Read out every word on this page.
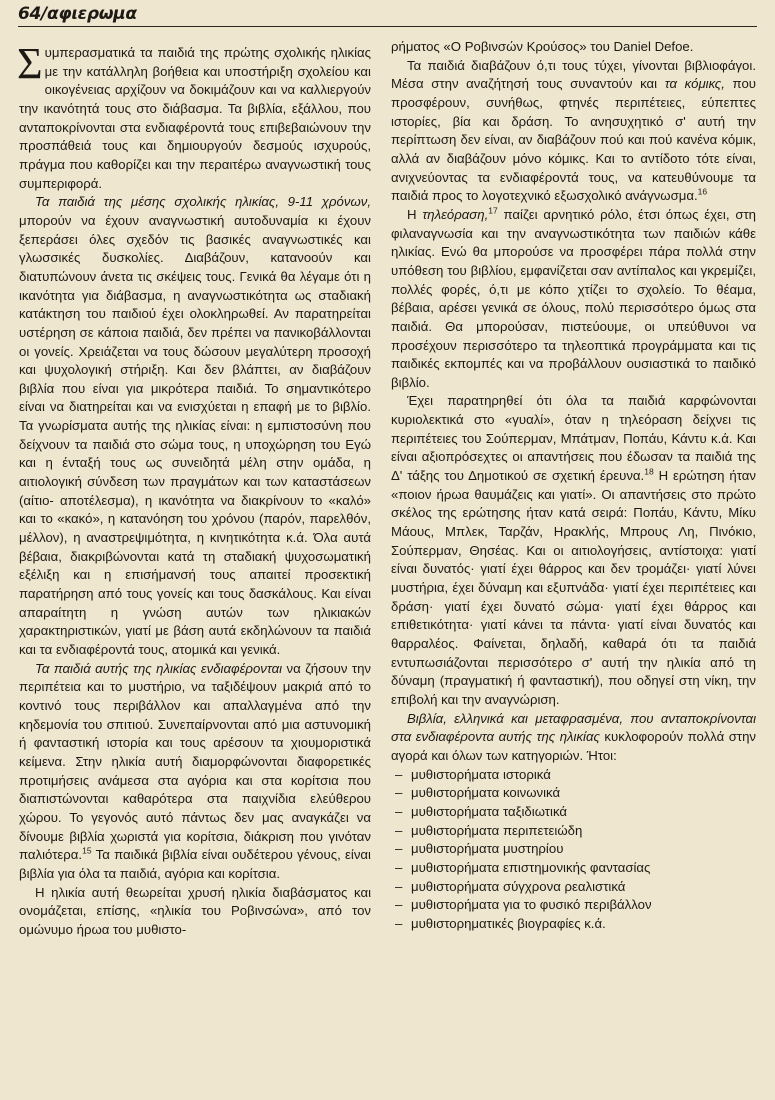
64/αφιερωμα

Συμπερασματικά τα παιδιά της πρώτης σχολικής ηλικίας με την κατάλληλη βοήθεια και υποστήριξη σχολείου και οικογένειας αρχίζουν να δοκιμάζουν και να καλλιεργούν την ικανότητά τους στο διάβασμα. Τα βιβλία, εξάλλου, που ανταποκρίνονται στα ενδιαφέροντά τους επιβεβαιώνουν την προσπάθειά τους και δημιουργούν δεσμούς ισχυρούς, πράγμα που καθορίζει και την περαιτέρω αναγνωστική τους συμπεριφορά.

Τα παιδιά της μέσης σχολικής ηλικίας, 9-11 χρόνων, μπορούν να έχουν αναγνωστική αυτοδυναμία κι έχουν ξεπεράσει όλες σχεδόν τις βασικές αναγνωστικές και γλωσσικές δυσκολίες. Διαβάζουν, κατανοούν και διατυπώνουν άνετα τις σκέψεις τους. Γενικά θα λέγαμε ότι η ικανότητα για διάβασμα, η αναγνωστικότητα ως σταδιακή κατάκτηση του παιδιού έχει ολοκληρωθεί. Αν παρατηρείται υστέρηση σε κάποια παιδιά, δεν πρέπει να πανικοβάλλονται οι γονείς. Χρειάζεται να τους δώσουν μεγαλύτερη προσοχή και ψυχολογική στήριξη. Και δεν βλάπτει, αν διαβάζουν βιβλία που είναι για μικρότερα παιδιά. Το σημαντικότερο είναι να διατηρείται και να ενισχύεται η επαφή με το βιβλίο. Τα γνωρίσματα αυτής της ηλικίας είναι: η εμπιστοσύνη που δείχνουν τα παιδιά στο σώμα τους, η υποχώρηση του Εγώ και η ένταξή τους ως συνειδητά μέλη στην ομάδα, η αιτιολογική σύνδεση των πραγμάτων και των καταστάσεων (αίτιο- αποτέλεσμα), η ικανότητα να διακρίνουν το «καλό» και το «κακό», η κατανόηση του χρόνου (παρόν, παρελθόν, μέλλον), η αναστρεψιμότητα, η κινητικότητα κ.ά. Όλα αυτά βέβαια, διακριβώνονται κατά τη σταδιακή ψυχοσωματική εξέλιξη και η επισήμανσή τους απαιτεί προσεκτική παρατήρηση από τους γονείς και τους δασκάλους. Και είναι απαραίτητη η γνώση αυτών των ηλικιακών χαρακτηριστικών, γιατί με βάση αυτά εκδηλώνουν τα παιδιά και τα ενδιαφέροντά τους, ατομικά και γενικά.

Τα παιδιά αυτής της ηλικίας ενδιαφέρονται να ζήσουν την περιπέτεια και το μυστήριο, να ταξιδέψουν μακριά από το κοντινό τους περιβάλλον και απαλλαγμένα από την κηδεμονία του σπιτιού. Συνεπαίρνονται από μια αστυνομική ή φανταστική ιστορία και τους αρέσουν τα χιουμοριστικά κείμενα. Στην ηλικία αυτή διαμορφώνονται διαφορετικές προτιμήσεις ανάμεσα στα αγόρια και στα κορίτσια που διαπιστώνονται καθαρότερα στα παιχνίδια ελεύθερου χώρου. Το γεγονός αυτό πάντως δεν μας αναγκάζει να δίνουμε βιβλία χωριστά για κορίτσια, διάκριση που γινόταν παλιότερα.$^{15}$ Τα παιδικά βιβλία είναι ουδέτερου γένους, είναι βιβλία για όλα τα παιδιά, αγόρια και κορίτσια.

Η ηλικία αυτή θεωρείται χρυσή ηλικία διαβάσματος και ονομάζεται, επίσης, «ηλικία του Ροβινσώνα», από τον ομώνυμο ήρωα του μυθιστο-

ρήματος «Ο Ροβινσών Κρούσος» του Daniel Defoe.

Τα παιδιά διαβάζουν ό,τι τους τύχει, γίνονται βιβλιοφάγοι. Μέσα στην αναζήτησή τους συναντούν και τα κόμικς, που προσφέρουν, συνήθως, φτηνές περιπέτειες, εύπεπτες ιστορίες, βία και δράση. Το ανησυχητικό σ' αυτή την περίπτωση δεν είναι, αν διαβάζουν πού και πού κανένα κόμικ, αλλά αν διαβάζουν μόνο κόμικς. Και το αντίδοτο τότε είναι, ανιχνεύοντας τα ενδιαφέροντά τους, να κατευθύνουμε τα παιδιά προς το λογοτεχνικό εξωσχολικό ανάγνωσμα.$^{16}$

Η τηλεόραση,$^{17}$ παίζει αρνητικό ρόλο, έτσι όπως έχει, στη φιλαναγνωσία και την αναγνωστικότητα των παιδιών κάθε ηλικίας. Ενώ θα μπορούσε να προσφέρει πάρα πολλά στην υπόθεση του βιβλίου, εμφανίζεται σαν αντίπαλος και γκρεμίζει, πολλές φορές, ό,τι με κόπο χτίζει το σχολείο. Το θέαμα, βέβαια, αρέσει γενικά σε όλους, πολύ περισσότερο όμως στα παιδιά. Θα μπορούσαν, πιστεύουμε, οι υπεύθυνοι να προσέχουν περισσότερο τα τηλεοπτικά προγράμματα και τις παιδικές εκπομπές και να προβάλλουν ουσιαστικά το παιδικό βιβλίο.

Έχει παρατηρηθεί ότι όλα τα παιδιά καρφώνονται κυριολεκτικά στο «γυαλί», όταν η τηλεόραση δείχνει τις περιπέτειες του Σούπερμαν, Μπάτμαν, Ποπάυ, Κάντυ κ.ά. Και είναι αξιοπρόσεχτες οι απαντήσεις που έδωσαν τα παιδιά της Δ' τάξης του Δημοτικού σε σχετική έρευνα.$^{18}$ Η ερώτηση ήταν «ποιον ήρωα θαυμάζεις και γιατί». Οι απαντήσεις στο πρώτο σκέλος της ερώτησης ήταν κατά σειρά: Ποπάυ, Κάντυ, Μίκυ Μάους, Μπλεκ, Ταρζάν, Ηρακλής, Μπρους Λη, Πινόκιο, Σούπερμαν, Θησέας. Και οι αιτιολογήσεις, αντίστοιχα: γιατί είναι δυνατός· γιατί έχει θάρρος και δεν τρομάζει· γιατί λύνει μυστήρια, έχει δύναμη και εξυπνάδα· γιατί έχει περιπέτειες και δράση· γιατί έχει δυνατό σώμα· γιατί έχει θάρρος και επιθετικότητα· γιατί κάνει τα πάντα· γιατί είναι δυνατός και θαρραλέος. Φαίνεται, δηλαδή, καθαρά ότι τα παιδιά εντυπωσιάζονται περισσότερο σ' αυτή την ηλικία από τη δύναμη (πραγματική ή φανταστική), που οδηγεί στη νίκη, την επιβολή και την αναγνώριση.

Βιβλία, ελληνικά και μεταφρασμένα, που ανταποκρίνονται στα ενδιαφέροντα αυτής της ηλικίας κυκλοφορούν πολλά στην αγορά και όλων των κατηγοριών. Ήτοι:

– μυθιστορήματα ιστορικά
– μυθιστορήματα κοινωνικά
– μυθιστορήματα ταξιδιωτικά
– μυθιστορήματα περιπετειώδη
– μυθιστορήματα μυστηρίου
– μυθιστορήματα επιστημονικής φαντασίας
– μυθιστορήματα σύγχρονα ρεαλιστικά
– μυθιστορήματα για το φυσικό περιβάλλον
– μυθιστορηματικές βιογραφίες κ.ά.
